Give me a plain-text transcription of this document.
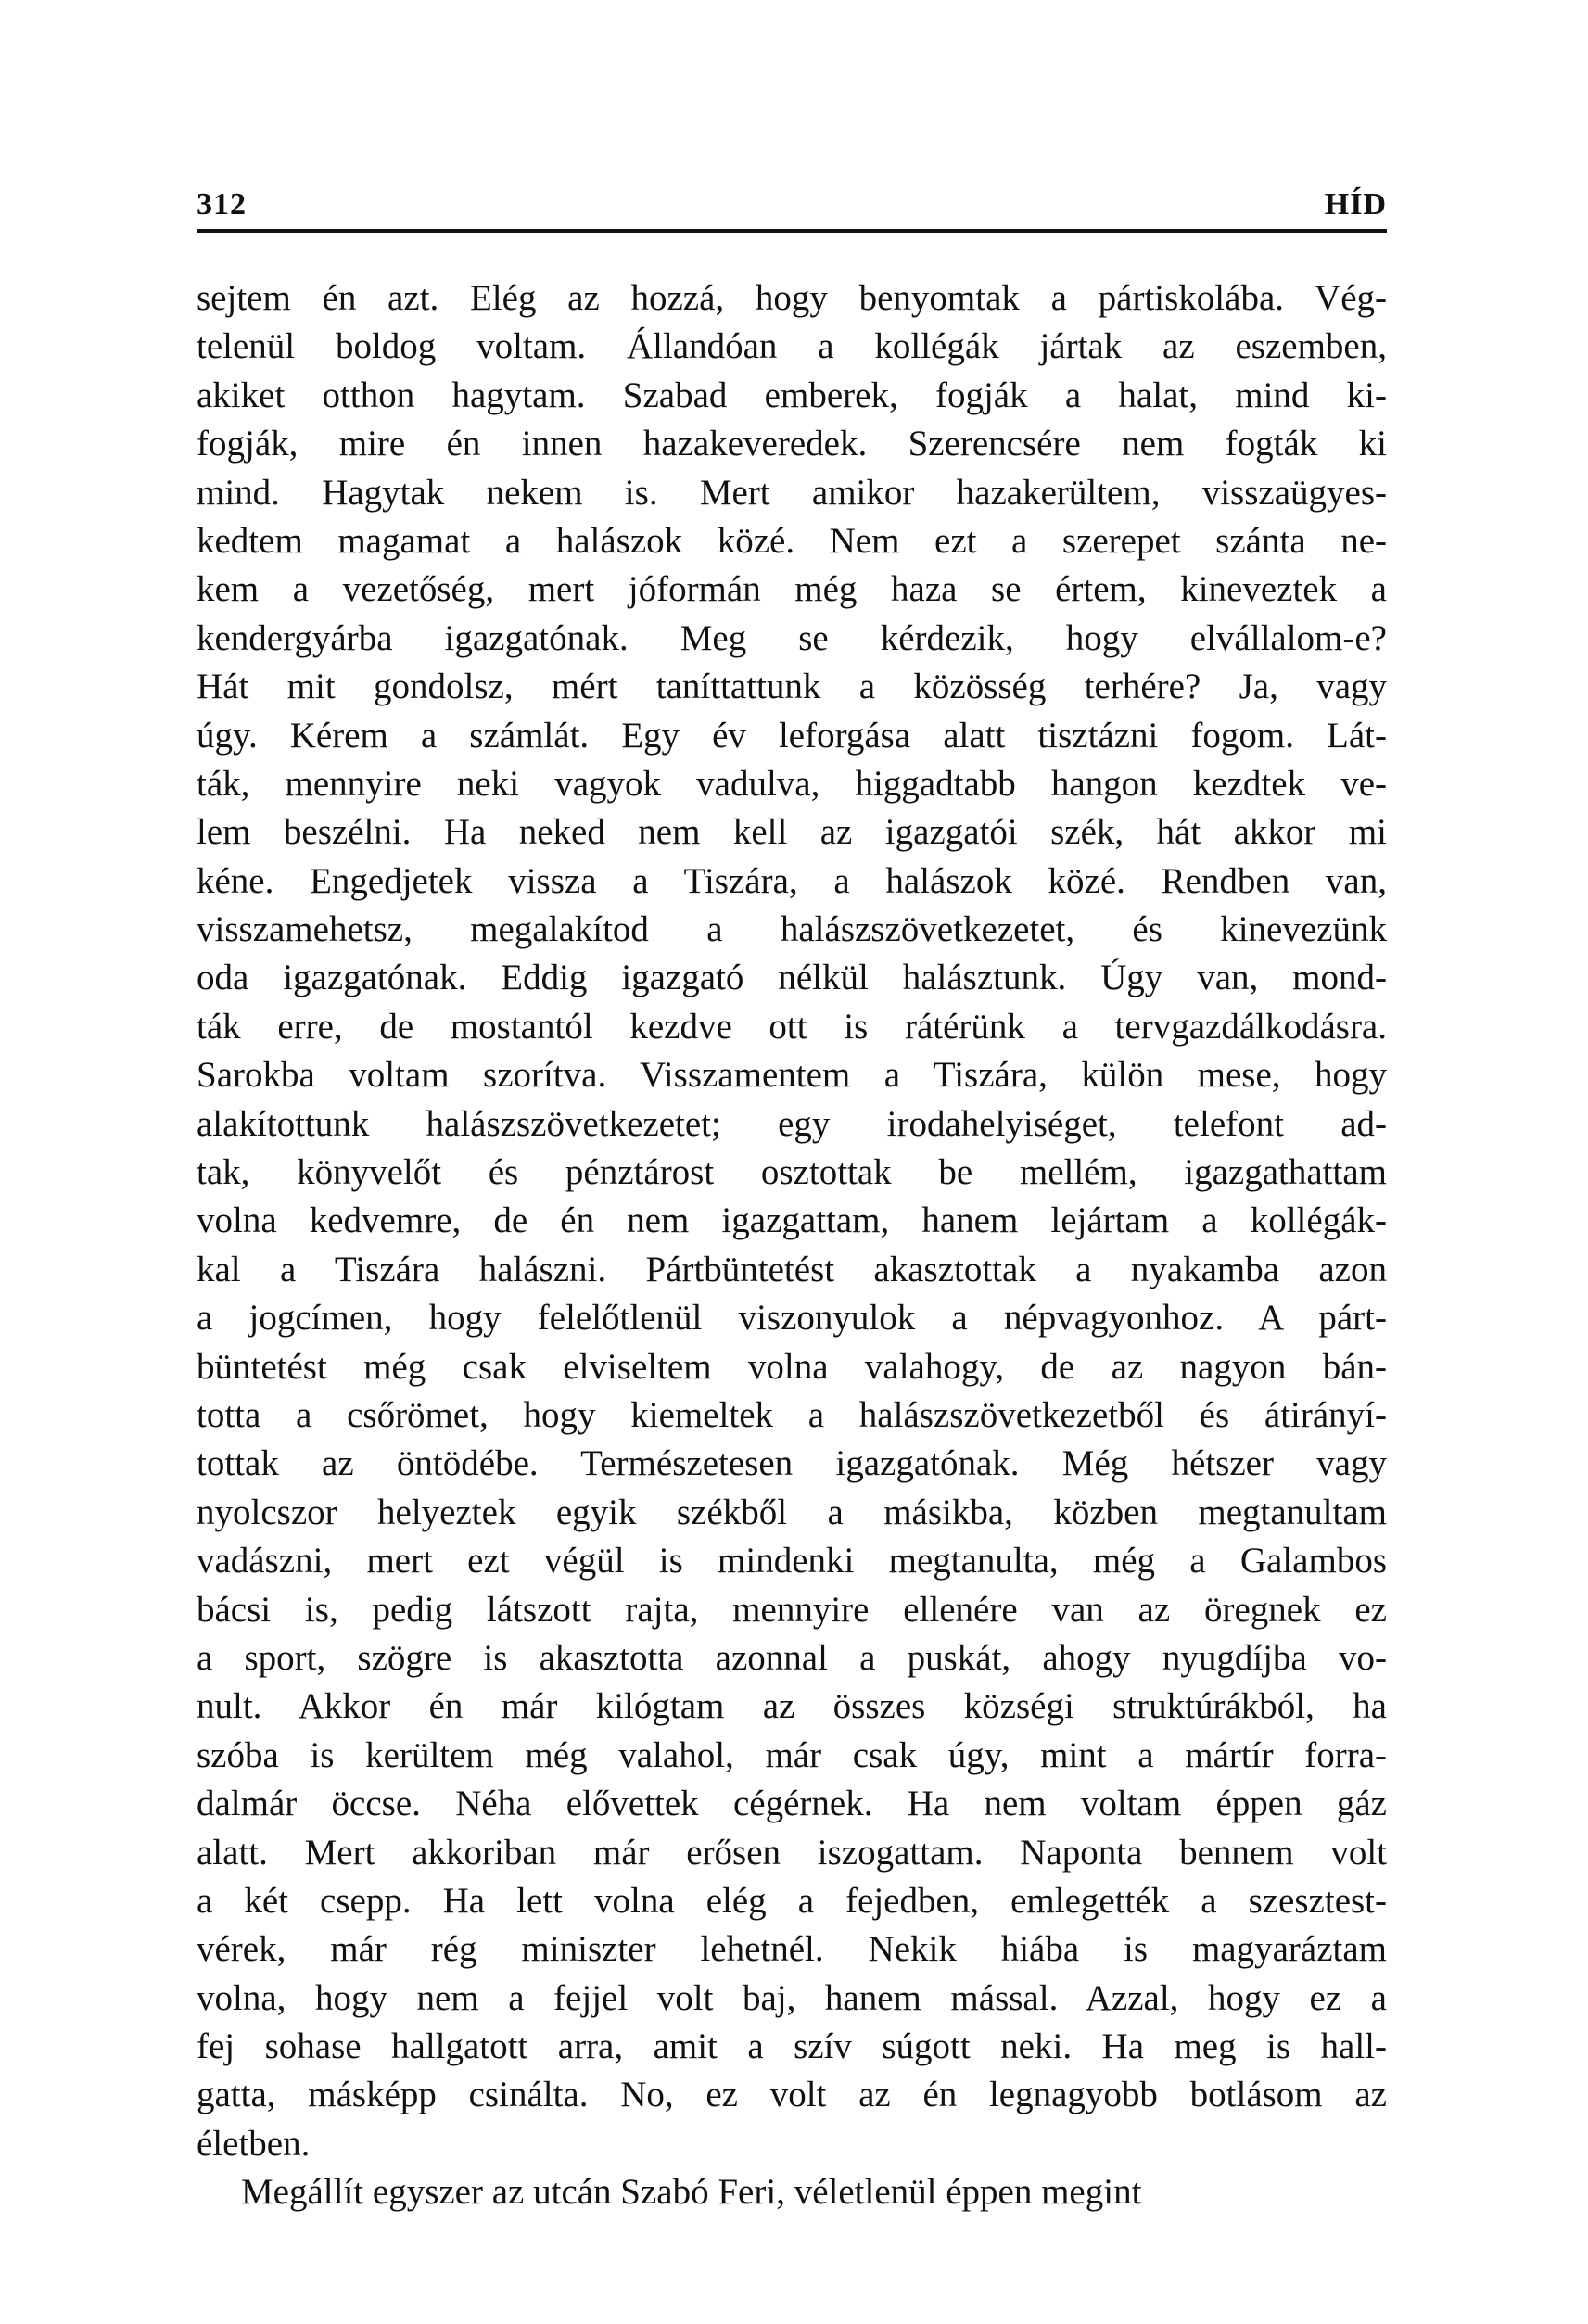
312	HÍD
sejtem én azt. Elég az hozzá, hogy benyomtak a pártiskolába. Vég-
telenül boldog voltam. Állandóan a kollégák jártak az eszemben,
akiket otthon hagytam. Szabad emberek, fogják a halat, mind ki-
fogják, mire én innen hazakeveredek. Szerencsére nem fogták ki
mind. Hagytak nekem is. Mert amikor hazakerültem, visszaügyes-
kedtem magamat a halászok közé. Nem ezt a szerepet szánta ne-
kem a vezetőség, mert jóformán még haza se értem, kineveztek a
kendergyárba igazgatónak. Meg se kérdezik, hogy elvállalom-e?
Hát mit gondolsz, mért taníttattunk a közösség terhére? Ja, vagy
úgy. Kérem a számlát. Egy év leforgása alatt tisztázni fogom. Lát-
ták, mennyire neki vagyok vadulva, higgadtabb hangon kezdtek ve-
lem beszélni. Ha neked nem kell az igazgatói szék, hát akkor mi
kéne. Engedjetek vissza a Tiszára, a halászok közé. Rendben van,
visszamehetsz, megalakítod a halászszövetkezetet, és kinevezünk
oda igazgatónak. Eddig igazgató nélkül halásztunk. Úgy van, mond-
ták erre, de mostantól kezdve ott is rátérünk a tervgazdálkodásra.
Sarokba voltam szorítva. Visszamentem a Tiszára, külön mese, hogy
alakítottunk halászszövetkezetet; egy irodahelyiséget, telefont ad-
tak, könyvelőt és pénztárost osztottak be mellém, igazgathattam
volna kedvemre, de én nem igazgattam, hanem lejártam a kollégák-
kal a Tiszára halászni. Pártbüntetést akasztottak a nyakamba azon
a jogcímen, hogy felelőtlenül viszonyulok a népvagyonhoz. A párt-
büntetést még csak elviseltem volna valahogy, de az nagyon bán-
totta a csőrömet, hogy kiemeltek a halászszövetkezetből és átirányí-
tottak az öntödébe. Természetesen igazgatónak. Még hétszer vagy
nyolcszor helyeztek egyik székből a másikba, közben megtanultam
vadászni, mert ezt végül is mindenki megtanulta, még a Galambos
bácsi is, pedig látszott rajta, mennyire ellenére van az öregnek ez
a sport, szögre is akasztotta azonnal a puskát, ahogy nyugdíjba vo-
nult. Akkor én már kilógtam az összes községi struktúrákból, ha
szóba is kerültem még valahol, már csak úgy, mint a mártír forra-
dalmár öccse. Néha elővettek cégérnek. Ha nem voltam éppen gáz
alatt. Mert akkoriban már erősen iszogattam. Naponta bennem volt
a két csepp. Ha lett volna elég a fejedben, emlegették a szesztest-
vérek, már rég miniszter lehetnél. Nekik hiába is magyaráztam
volna, hogy nem a fejjel volt baj, hanem mással. Azzal, hogy ez a
fej sohase hallgatott arra, amit a szív súgott neki. Ha meg is hall-
gatta, másképp csinálta. No, ez volt az én legnagyobb botlásom az
életben.
Megállít egyszer az utcán Szabó Feri, véletlenül éppen megint
